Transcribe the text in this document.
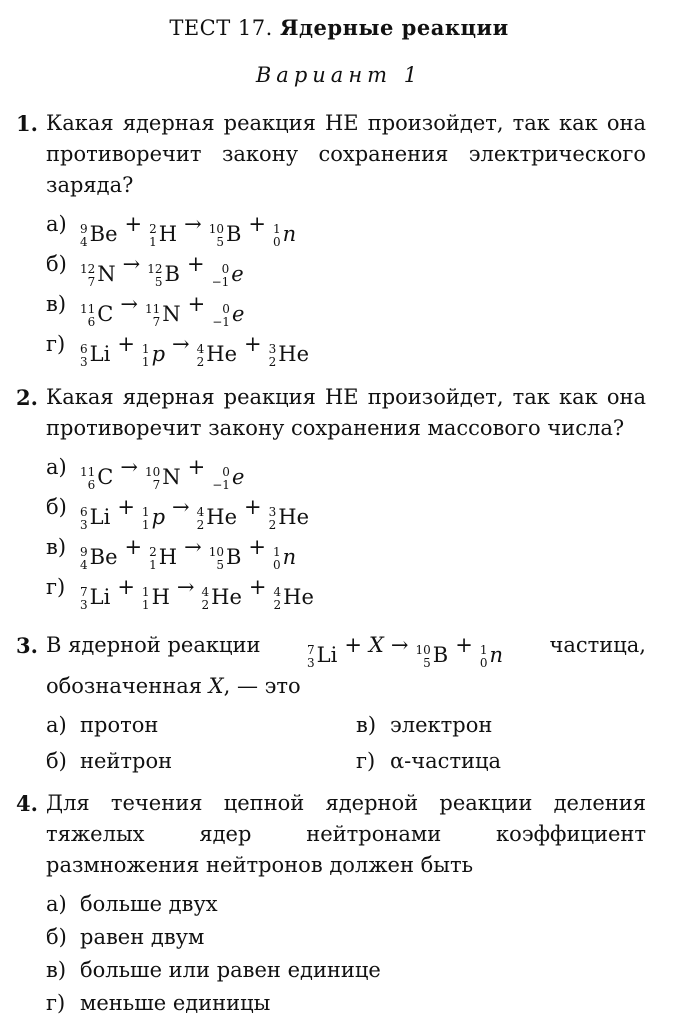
ТЕСТ 17. Ядерные реакции
Вариант 1
1. Какая ядерная реакция НЕ произойдет, так как она противоречит закону сохранения электрического заряда?
а)	9
4 Be + 2
1 H → 10
5 B + 1
0 n
б)	12
7 N → 12
5 B + 0
−1 e
в)	11
6 C → 11
7 N + 0
−1 e
г)	6
3 Li + 1
1 p → 4
2 He + 3
2 He
2. Какая ядерная реакция НЕ произойдет, так как она противоречит закону сохранения массового числа?
а)	11
6 C → 10
7 N + 0
−1 e
б)	6
3 Li + 1
1 p → 4
2 He + 3
2 He
в)	9
4 Be + 2
1 H → 10
5 B + 1
0 n
г)	7
3 Li + 1
1 H → 4
2 He + 4
2 He
3. В ядерной реакции	7
3 Li + X → 10
5 B + 1
0 n частица,
обозначенная X, — это
а) протон	в) электрон
б) нейтрон	г) α-частица
4. Для течения цепной ядерной реакции деления тяжелых ядер нейтронами коэффициент размножения нейтронов должен быть
а) больше двух
б) равен двум
в) больше или равен единице
г) меньше единицы
